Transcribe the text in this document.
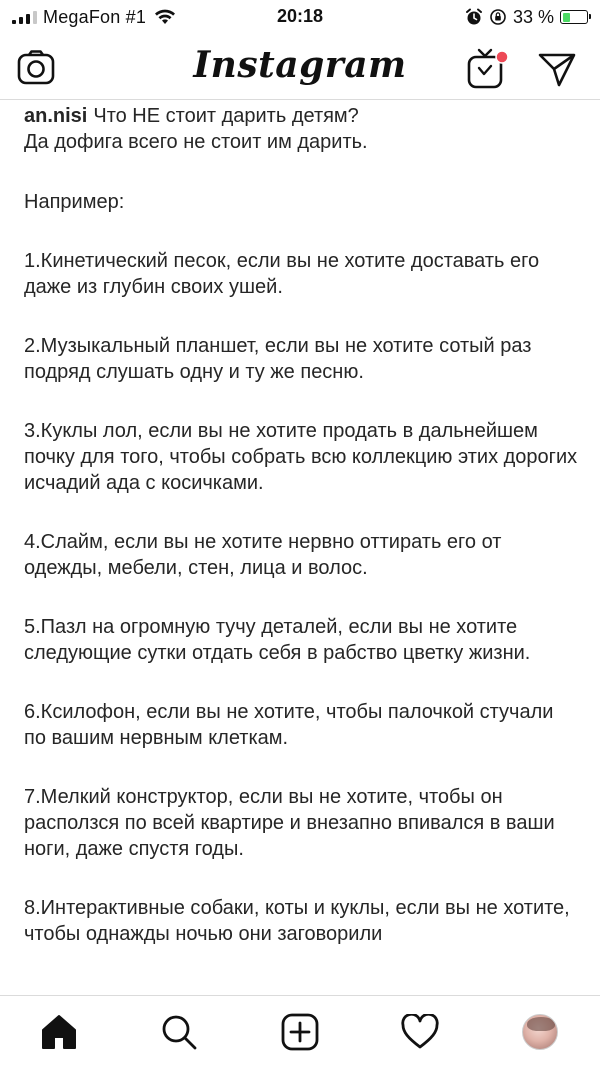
MegaFon #1	20:18	33 %
Instagram

an.nisi Что НЕ стоит дарить детям?

Да дофига всего не стоит им дарить.

Например:

1.Кинетический песок, если вы не хотите доставать его даже из глубин своих ушей.

2.Музыкальный планшет, если вы не хотите сотый раз подряд слушать одну и ту же песню.

3.Куклы лол, если вы не хотите продать в дальнейшем почку для того, чтобы собрать всю коллекцию этих дорогих исчадий ада с косичками.

4.Слайм, если вы не хотите нервно оттирать его от одежды, мебели, стен, лица и волос.

5.Пазл на огромную тучу деталей, если вы не хотите следующие сутки отдать себя в рабство цветку жизни.

6.Ксилофон, если вы не хотите, чтобы палочкой стучали по вашим нервным клеткам.

7.Мелкий конструктор, если вы не хотите, чтобы он расползся по всей квартире и внезапно впивался в ваши ноги, даже спустя годы.

8.Интерактивные собаки, коты и куклы, если вы не хотите, чтобы однажды ночью они заговорили
